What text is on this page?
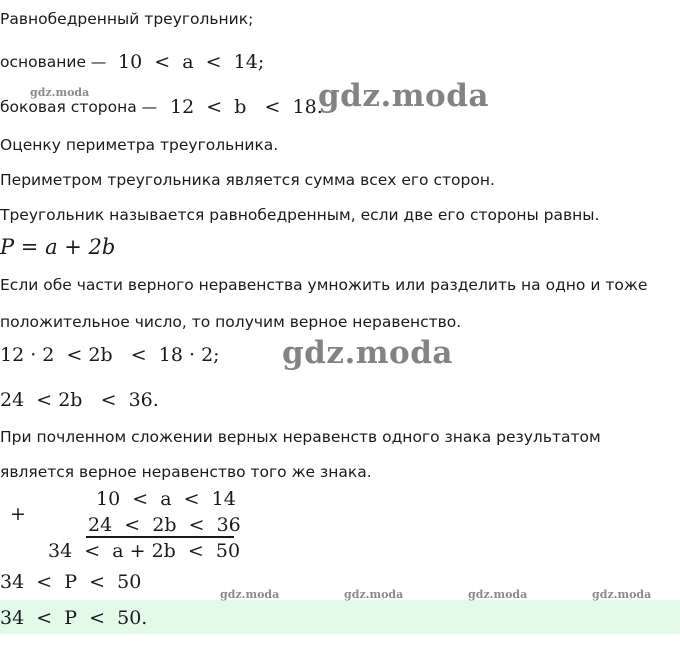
Равнобедренный треугольник;
основание — 10  <  a  <  14;
боковая сторона — 12  <  b   <  18.
Оценку периметра треугольника.
Периметром треугольника является сумма всех его сторон.
Треугольник называется равнобедренным, если две его стороны равны.
P = a + 2b
Если обе части верного неравенства умножить или разделить на одно и тоже
положительное число, то получим верное неравенство.
12 · 2  < 2b   <  18 · 2;
24  < 2b   <  36.
При почленном сложении верных неравенств одного знака результатом
является верное неравенство того же знака.
+
10  <  a  <  14
24  <  2b  <  36
34  <  a + 2b  <  50
34  <  P  <  50
34  <  P  <  50.
gdz.moda	gdz.moda
gdz.moda
gdz.moda	gdz.moda	gdz.moda	gdz.moda
